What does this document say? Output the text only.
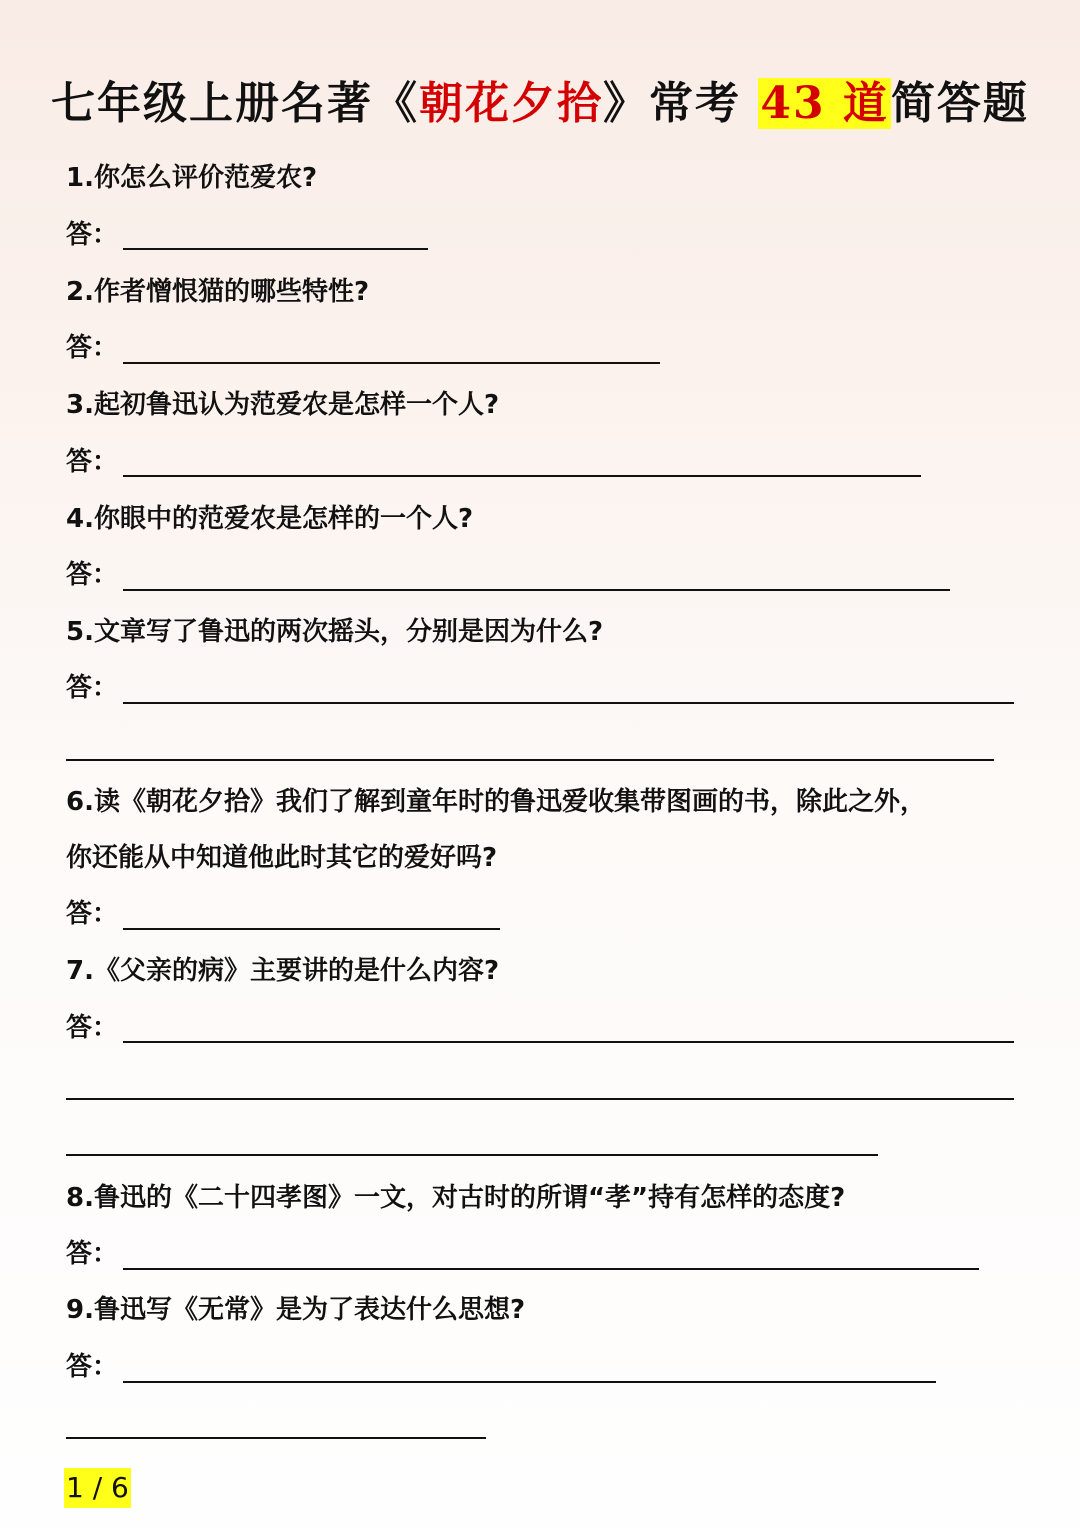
七年级上册名著《朝花夕拾》常考 43 道简答题
1.你怎么评价范爱农?
答：
2.作者憎恨猫的哪些特性?
答：
3.起初鲁迅认为范爱农是怎样一个人?
答：
4.你眼中的范爱农是怎样的一个人?
答：
5.文章写了鲁迅的两次摇头，分别是因为什么?
答：
6.读《朝花夕拾》我们了解到童年时的鲁迅爱收集带图画的书，除此之外，
你还能从中知道他此时其它的爱好吗?
答：
7.《父亲的病》主要讲的是什么内容?
答：
8.鲁迅的《二十四孝图》一文，对古时的所谓“孝”持有怎样的态度?
答：
9.鲁迅写《无常》是为了表达什么思想?
答：
1 / 6
